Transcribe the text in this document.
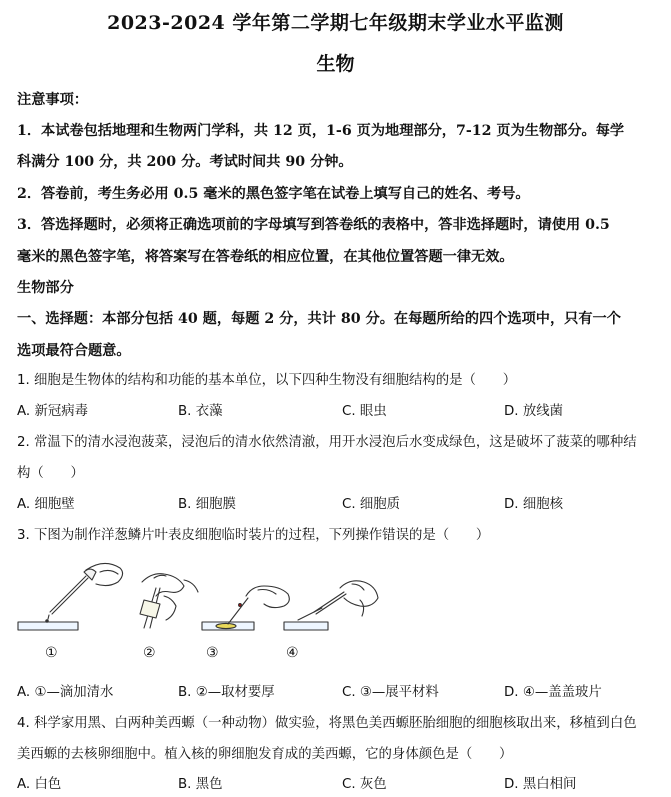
2023-2024 学年第二学期七年级期末学业水平监测
生物
注意事项：
1．本试卷包括地理和生物两门学科，共 12 页，1-6 页为地理部分，7-12 页为生物部分。每学
科满分 100 分，共 200 分。考试时间共 90 分钟。
2．答卷前，考生务必用 0.5 毫米的黑色签字笔在试卷上填写自己的姓名、考号。
3．答选择题时，必须将正确选项前的字母填写到答卷纸的表格中，答非选择题时，请使用 0.5
毫米的黑色签字笔，将答案写在答卷纸的相应位置，在其他位置答题一律无效。
生物部分
一、选择题：本部分包括 40 题，每题 2 分，共计 80 分。在每题所给的四个选项中，只有一个
选项最符合题意。
1. 细胞是生物体的结构和功能的基本单位，以下四种生物没有细胞结构的是（　　）
A. 新冠病毒	B. 衣藻	C. 眼虫	D. 放线菌
2. 常温下的清水浸泡菠菜，浸泡后的清水依然清澈，用开水浸泡后水变成绿色，这是破坏了菠菜的哪种结
构（　　）
A. 细胞壁	B. 细胞膜	C. 细胞质	D. 细胞核
3. 下图为制作洋葱鳞片叶表皮细胞临时装片的过程，下列操作错误的是（　　）
①	②	③	④
A. ①—滴加清水	B. ②—取材要厚	C. ③—展平材料	D. ④—盖盖玻片
4. 科学家用黑、白两种美西螈（一种动物）做实验，将黑色美西螈胚胎细胞的细胞核取出来，移植到白色
美西螈的去核卵细胞中。植入核的卵细胞发育成的美西螈，它的身体颜色是（　　）
A. 白色	B. 黑色	C. 灰色	D. 黑白相间
